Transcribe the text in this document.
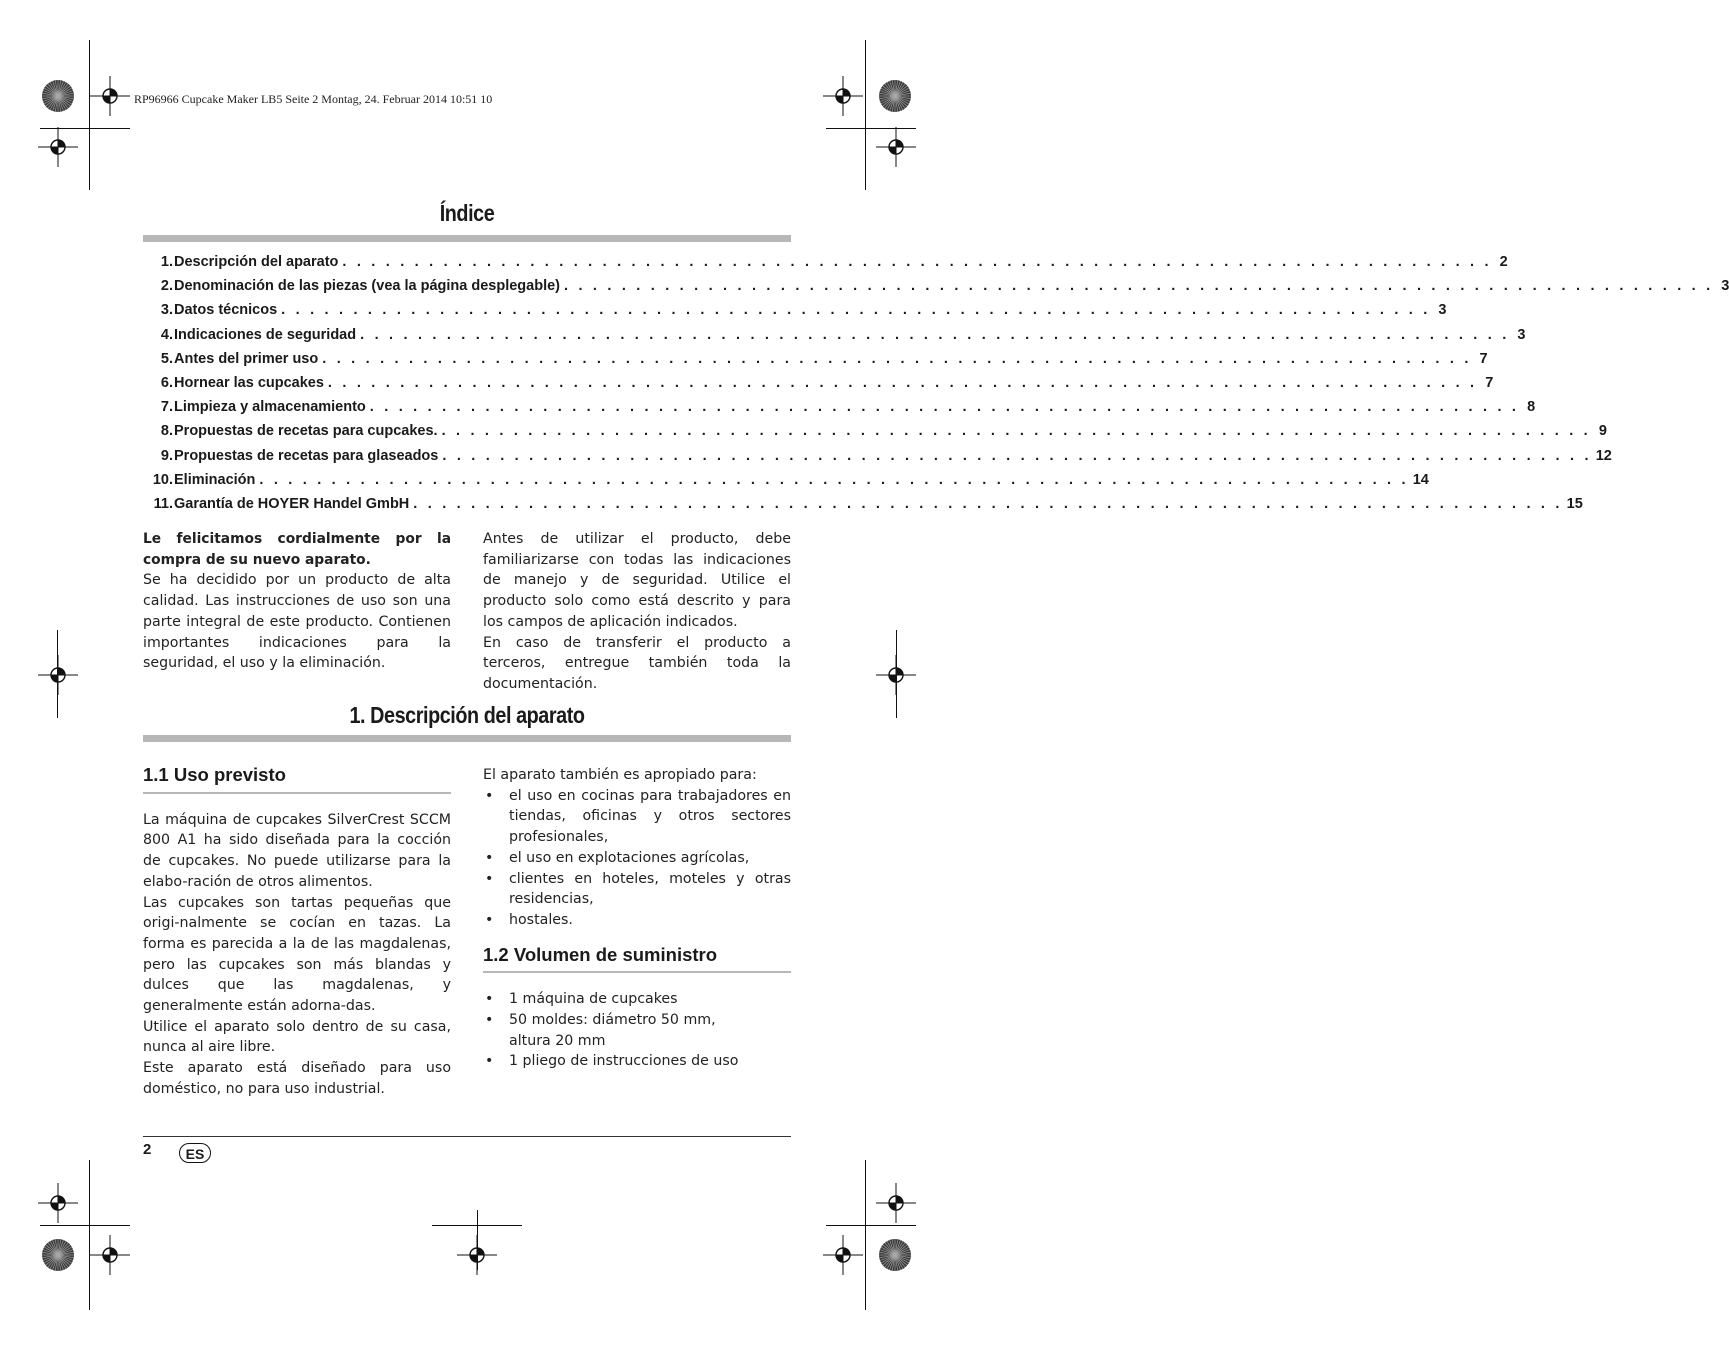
RP96966 Cupcake Maker LB5 Seite 2 Montag, 24. Februar 2014 10:51 10
Índice
1. Descripción del aparato . . . . . . . . . . . . . . . . . . . . . . . . . . . . . . . . . . . . . . . . . . . . . . . . . . . . . . . . . . . . . . . . . . . . . . . . . . . . . . . . 2
2. Denominación de las piezas (vea la página desplegable) . . . . . . . . . . . . . . . . . . . . . . . . . . . . . . . . . . . . . . . . . . . . . . . . . . . . . . . . . . . . . . . . . . . . . . . . . . . . . . . . 3
3. Datos técnicos . . . . . . . . . . . . . . . . . . . . . . . . . . . . . . . . . . . . . . . . . . . . . . . . . . . . . . . . . . . . . . . . . . . . . . . . . . . . . . . . 3
4. Indicaciones de seguridad . . . . . . . . . . . . . . . . . . . . . . . . . . . . . . . . . . . . . . . . . . . . . . . . . . . . . . . . . . . . . . . . . . . . . . . . . . . . . . . . 3
5. Antes del primer uso . . . . . . . . . . . . . . . . . . . . . . . . . . . . . . . . . . . . . . . . . . . . . . . . . . . . . . . . . . . . . . . . . . . . . . . . . . . . . . . . 7
6. Hornear las cupcakes . . . . . . . . . . . . . . . . . . . . . . . . . . . . . . . . . . . . . . . . . . . . . . . . . . . . . . . . . . . . . . . . . . . . . . . . . . . . . . . . 7
7. Limpieza y almacenamiento . . . . . . . . . . . . . . . . . . . . . . . . . . . . . . . . . . . . . . . . . . . . . . . . . . . . . . . . . . . . . . . . . . . . . . . . . . . . . . . . 8
8. Propuestas de recetas para cupcakes. . . . . . . . . . . . . . . . . . . . . . . . . . . . . . . . . . . . . . . . . . . . . . . . . . . . . . . . . . . . . . . . . . . . . . . . . . . . . . . . . 9
9. Propuestas de recetas para glaseados . . . . . . . . . . . . . . . . . . . . . . . . . . . . . . . . . . . . . . . . . . . . . . . . . . . . . . . . . . . . . . . . . . . . . . . . . . . . . . . . 12
10. Eliminación . . . . . . . . . . . . . . . . . . . . . . . . . . . . . . . . . . . . . . . . . . . . . . . . . . . . . . . . . . . . . . . . . . . . . . . . . . . . . . . . 14
11. Garantía de HOYER Handel GmbH . . . . . . . . . . . . . . . . . . . . . . . . . . . . . . . . . . . . . . . . . . . . . . . . . . . . . . . . . . . . . . . . . . . . . . . . . . . . . . . . 15

Le felicitamos cordialmente por la compra de su nuevo aparato.

Se ha decidido por un producto de alta calidad. Las instrucciones de uso son una parte integral de este producto. Contienen importantes indicaciones para la seguridad, el uso y la eliminación.

Antes de utilizar el producto, debe familiarizarse con todas las indicaciones de manejo y de seguridad. Utilice el producto solo como está descrito y para los campos de aplicación indicados.

En caso de transferir el producto a terceros, entregue también toda la documentación.

1. Descripción del aparato
1.1 Uso previsto

La máquina de cupcakes SilverCrest SCCM 800 A1 ha sido diseñada para la cocción de cupcakes. No puede utilizarse para la elabo-ración de otros alimentos.

Las cupcakes son tartas pequeñas que origi-nalmente se cocían en tazas. La forma es parecida a la de las magdalenas, pero las cupcakes son más blandas y dulces que las magdalenas, y generalmente están adorna-das.

Utilice el aparato solo dentro de su casa, nunca al aire libre.

Este aparato está diseñado para uso doméstico, no para uso industrial.

El aparato también es apropiado para:

• el uso en cocinas para trabajadores en tiendas, oficinas y otros sectores profesionales,
• el uso en explotaciones agrícolas,
• clientes en hoteles, moteles y otras residencias,
• hostales.
1.2 Volumen de suministro
• 1 máquina de cupcakes
• 50 moldes: diámetro 50 mm, altura 20 mm
• 1 pliego de instrucciones de uso
2	ES
